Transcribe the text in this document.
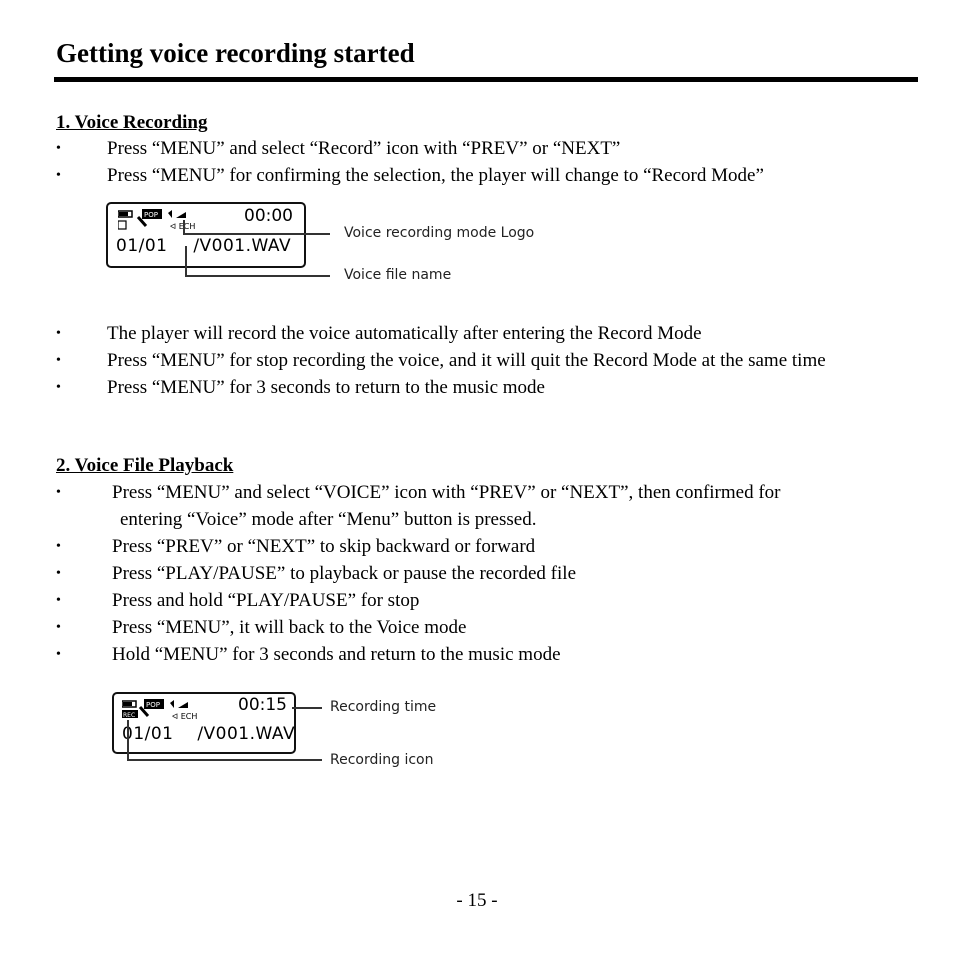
Getting voice recording started
1. Voice Recording
• Press “MENU” and select “Record” icon with “PREV” or “NEXT”
• Press “MENU” for confirming the selection, the player will change to “Record Mode”
POP
ᐊ ECH
00:00
01/01 /V001.WAV
Voice recording mode Logo
Voice file name
• The player will record the voice automatically after entering the Record Mode
• Press “MENU” for stop recording the voice, and it will quit the Record Mode at the same time
• Press “MENU” for 3 seconds to return to the music mode
2. Voice File Playback
•	Press “MENU” and select “VOICE” icon with “PREV” or “NEXT”, then confirmed for
entering “Voice” mode after “Menu” button is pressed.
•	Press “PREV” or “NEXT” to skip backward or forward
•	Press “PLAY/PAUSE” to playback or pause the recorded file
•	Press and hold “PLAY/PAUSE” for stop
•	Press “MENU”, it will back to the Voice mode
•	Hold “MENU” for 3 seconds and return to the music mode
POP
REC	ᐊ ECH
00:15
01/01 /V001.WAV
Recording time
Recording icon
- 15 -
